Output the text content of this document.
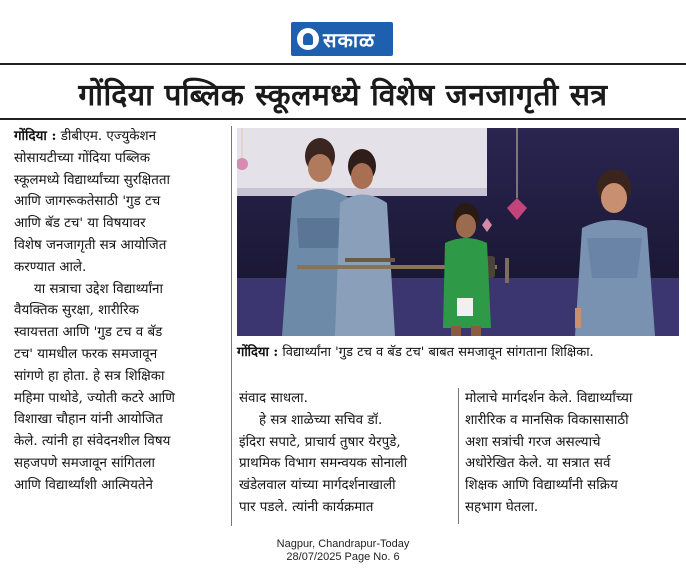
सकाळ
गोंदिया पब्लिक स्कूलमध्ये विशेष जनजागृती सत्र

गोंदिया : डीबीएम. एज्युकेशन

सोसायटीच्या गोंदिया पब्लिक

स्कूलमध्ये विद्यार्थ्यांच्या सुरक्षितता

आणि जागरूकतेसाठी 'गुड टच

आणि बॅड टच' या विषयावर

विशेष जनजागृती सत्र आयोजित

करण्यात आले.

या सत्राचा उद्देश विद्यार्थ्यांना

वैयक्तिक सुरक्षा, शारीरिक

स्वायत्तता आणि 'गुड टच व बॅड

टच' यामधील फरक समजावून

सांगणे हा होता. हे सत्र शिक्षिका

महिमा पाथोडे, ज्योती कटरे आणि

विशाखा चौहान यांनी आयोजित

केले. त्यांनी हा संवेदनशील विषय

सहजपणे समजावून सांगितला

आणि विद्यार्थ्यांशी आत्मियतेने

गोंदिया : विद्यार्थ्यांना 'गुड टच व बॅड टच' बाबत समजावून सांगताना शिक्षिका.

संवाद साधला.

हे सत्र शाळेच्या सचिव डॉ.

इंदिरा सपाटे, प्राचार्य तुषार येरपुडे,

प्राथमिक विभाग समन्वयक सोनाली

खंडेलवाल यांच्या मार्गदर्शनाखाली

पार पडले. त्यांनी कार्यक्रमात

मोलाचे मार्गदर्शन केले. विद्यार्थ्यांच्या

शारीरिक व मानसिक विकासासाठी

अशा सत्रांची गरज असल्याचे

अधोरेखित केले. या सत्रात सर्व

शिक्षक आणि विद्यार्थ्यांनी सक्रिय

सहभाग घेतला.

Nagpur, Chandrapur-Today
28/07/2025 Page No. 6
